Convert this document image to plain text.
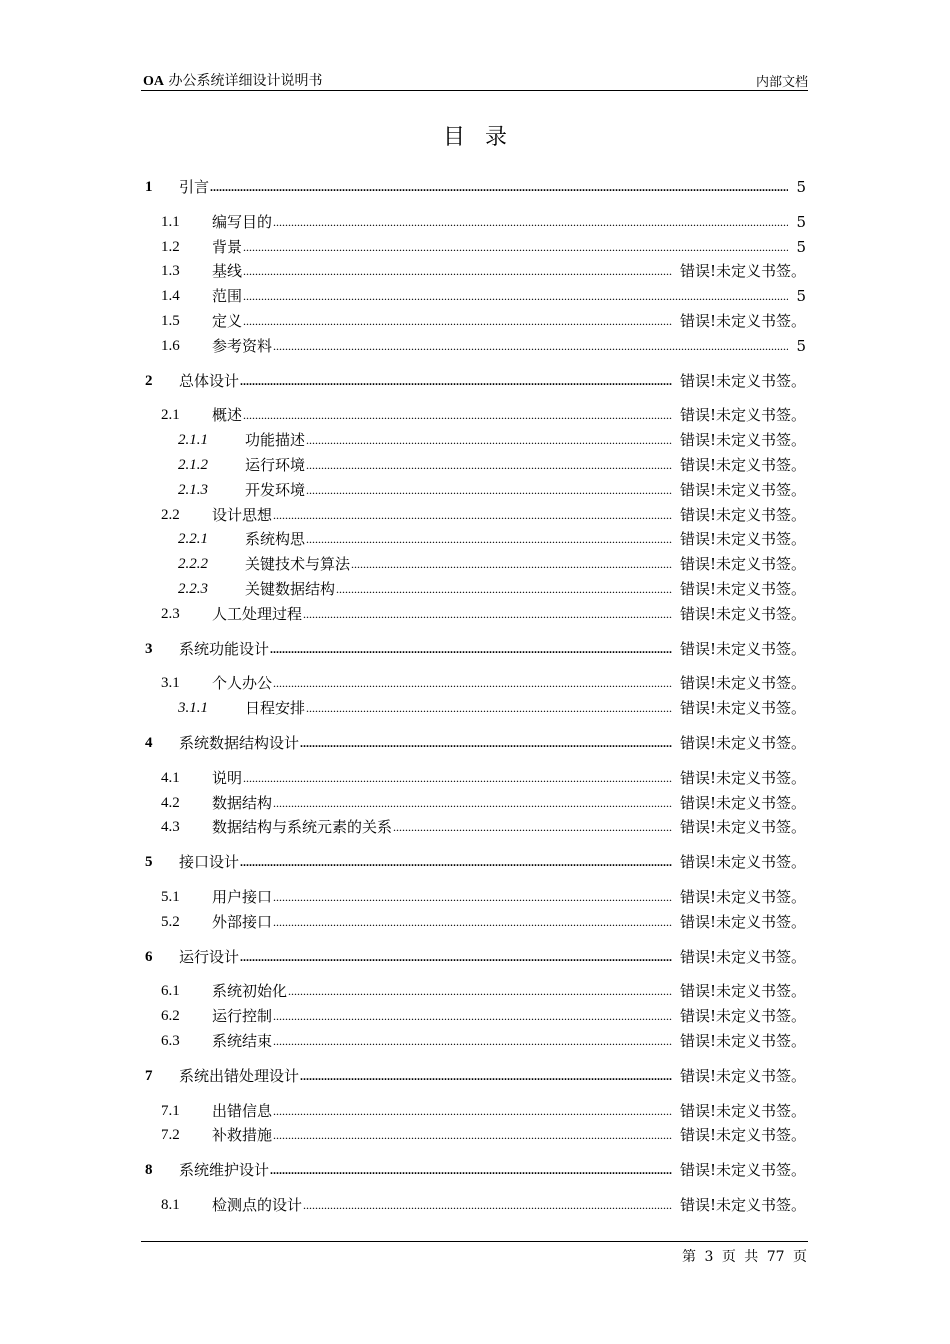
OA 办公系统详细设计说明书	内部文档
目录
1 引言 .....	5
1.1 编写目的 .....	5
1.2 背景 .....	5
1.3 基线 .....	错误!未定义书签。
1.4 范围 .....	5
1.5 定义 .....	错误!未定义书签。
1.6 参考资料 .....	5
2 总体设计 .....	错误!未定义书签。
2.1 概述 .....	错误!未定义书签。
2.1.1 功能描述 .....	错误!未定义书签。
2.1.2 运行环境 .....	错误!未定义书签。
2.1.3 开发环境 .....	错误!未定义书签。
2.2 设计思想 .....	错误!未定义书签。
2.2.1 系统构思 .....	错误!未定义书签。
2.2.2 关键技术与算法 .....	错误!未定义书签。
2.2.3 关键数据结构 .....	错误!未定义书签。
2.3 人工处理过程 .....	错误!未定义书签。
3 系统功能设计 .....	错误!未定义书签。
3.1 个人办公 .....	错误!未定义书签。
3.1.1 日程安排 .....	错误!未定义书签。
4 系统数据结构设计 .....	错误!未定义书签。
4.1 说明 .....	错误!未定义书签。
4.2 数据结构 .....	错误!未定义书签。
4.3 数据结构与系统元素的关系 .....	错误!未定义书签。
5 接口设计 .....	错误!未定义书签。
5.1 用户接口 .....	错误!未定义书签。
5.2 外部接口 .....	错误!未定义书签。
6 运行设计 .....	错误!未定义书签。
6.1 系统初始化 .....	错误!未定义书签。
6.2 运行控制 .....	错误!未定义书签。
6.3 系统结束 .....	错误!未定义书签。
7 系统出错处理设计 .....	错误!未定义书签。
7.1 出错信息 .....	错误!未定义书签。
7.2 补救措施 .....	错误!未定义书签。
8 系统维护设计 .....	错误!未定义书签。
8.1 检测点的设计 .....	错误!未定义书签。
第 3 页 共 77 页
